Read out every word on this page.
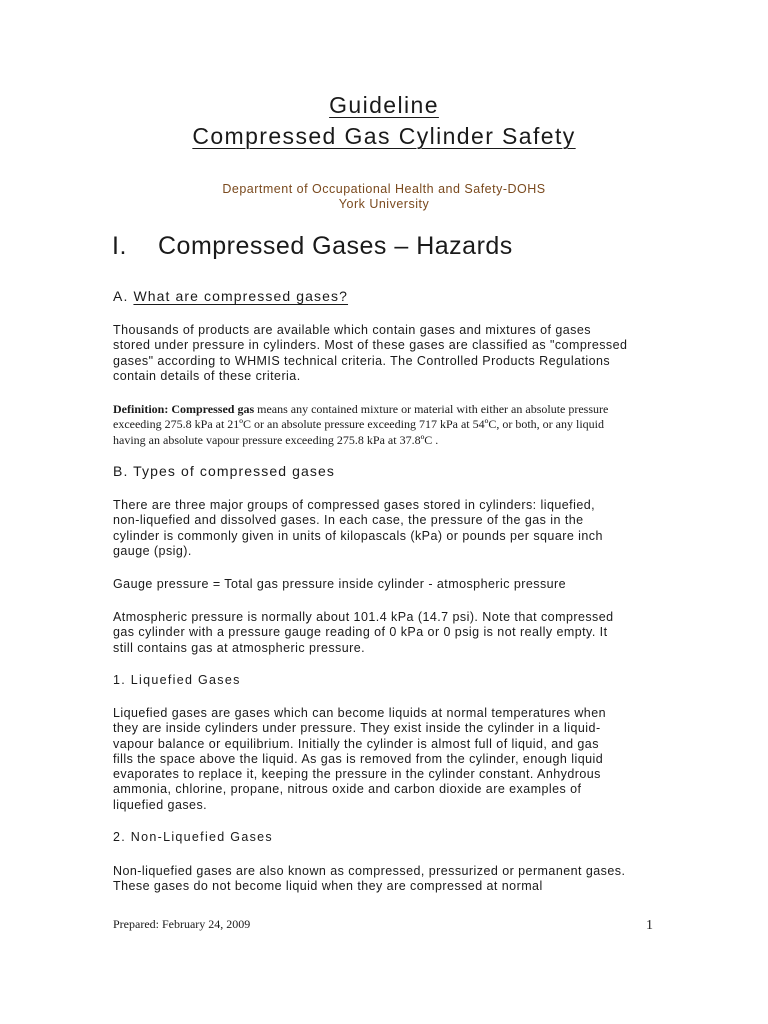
Guideline
Compressed Gas Cylinder Safety
Department of Occupational Health and Safety-DOHS
York University
I. Compressed Gases – Hazards
A. What are compressed gases?

Thousands of products are available which contain gases and mixtures of gases

stored under pressure in cylinders. Most of these gases are classified as "compressed

gases" according to WHMIS technical criteria. The Controlled Products Regulations

contain details of these criteria.

Definition: Compressed gas means any contained mixture or material with either an absolute pressure

exceeding 275.8 kPa at 21ºC or an absolute pressure exceeding 717 kPa at 54ºC, or both, or any liquid

having an absolute vapour pressure exceeding 275.8 kPa at 37.8ºC .

B. Types of compressed gases

There are three major groups of compressed gases stored in cylinders: liquefied,

non-liquefied and dissolved gases. In each case, the pressure of the gas in the

cylinder is commonly given in units of kilopascals (kPa) or pounds per square inch

gauge (psig).

Gauge pressure = Total gas pressure inside cylinder - atmospheric pressure

Atmospheric pressure is normally about 101.4 kPa (14.7 psi). Note that compressed

gas cylinder with a pressure gauge reading of 0 kPa or 0 psig is not really empty. It

still contains gas at atmospheric pressure.

1. Liquefied Gases

Liquefied gases are gases which can become liquids at normal temperatures when

they are inside cylinders under pressure. They exist inside the cylinder in a liquid-

vapour balance or equilibrium. Initially the cylinder is almost full of liquid, and gas

fills the space above the liquid. As gas is removed from the cylinder, enough liquid

evaporates to replace it, keeping the pressure in the cylinder constant. Anhydrous

ammonia, chlorine, propane, nitrous oxide and carbon dioxide are examples of

liquefied gases.

2. Non-Liquefied Gases

Non-liquefied gases are also known as compressed, pressurized or permanent gases.

These gases do not become liquid when they are compressed at normal

Prepared: February 24, 2009	1
